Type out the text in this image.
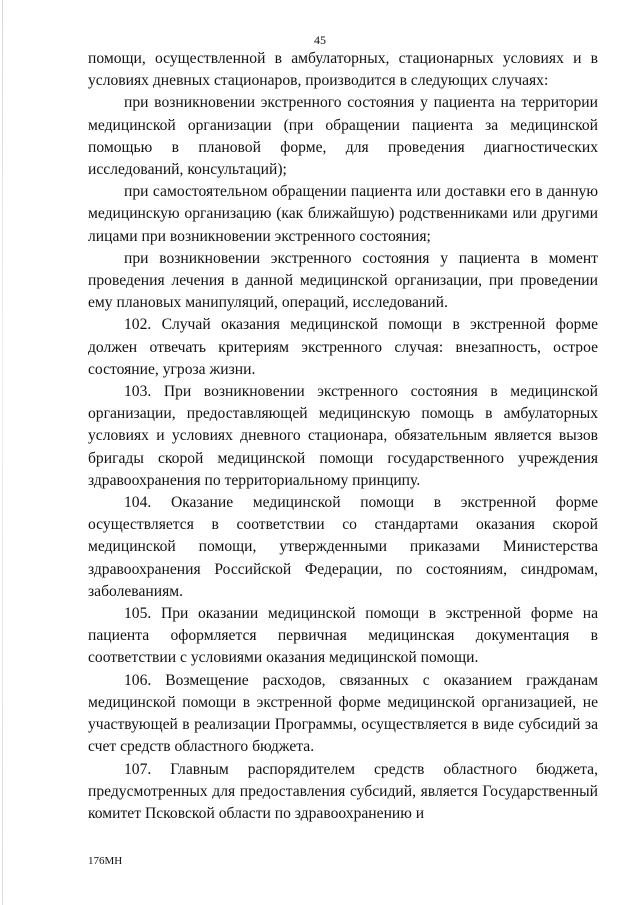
45

помощи, осуществленной в амбулаторных, стационарных условиях и в условиях дневных стационаров, производится в следующих случаях:

при возникновении экстренного состояния у пациента на территории медицинской организации (при обращении пациента за медицинской помощью в плановой форме, для проведения диагностических исследований, консультаций);

при самостоятельном обращении пациента или доставки его в данную медицинскую организацию (как ближайшую) родственниками или другими лицами при возникновении экстренного состояния;

при возникновении экстренного состояния у пациента в момент проведения лечения в данной медицинской организации, при проведении ему плановых манипуляций, операций, исследований.

102. Случай оказания медицинской помощи в экстренной форме должен отвечать критериям экстренного случая: внезапность, острое состояние, угроза жизни.

103. При возникновении экстренного состояния в медицинской организации, предоставляющей медицинскую помощь в амбулаторных условиях и условиях дневного стационара, обязательным является вызов бригады скорой медицинской помощи государственного учреждения здравоохранения по территориальному принципу.

104. Оказание медицинской помощи в экстренной форме осуществляется в соответствии со стандартами оказания скорой медицинской помощи, утвержденными приказами Министерства здравоохранения Российской Федерации, по состояниям, синдромам, заболеваниям.

105. При оказании медицинской помощи в экстренной форме на пациента оформляется первичная медицинская документация в соответствии с условиями оказания медицинской помощи.

106. Возмещение расходов, связанных с оказанием гражданам медицинской помощи в экстренной форме медицинской организацией, не участвующей в реализации Программы, осуществляется в виде субсидий за счет средств областного бюджета.

107. Главным распорядителем средств областного бюджета, предусмотренных для предоставления субсидий, является Государственный комитет Псковской области по здравоохранению и

176МН
